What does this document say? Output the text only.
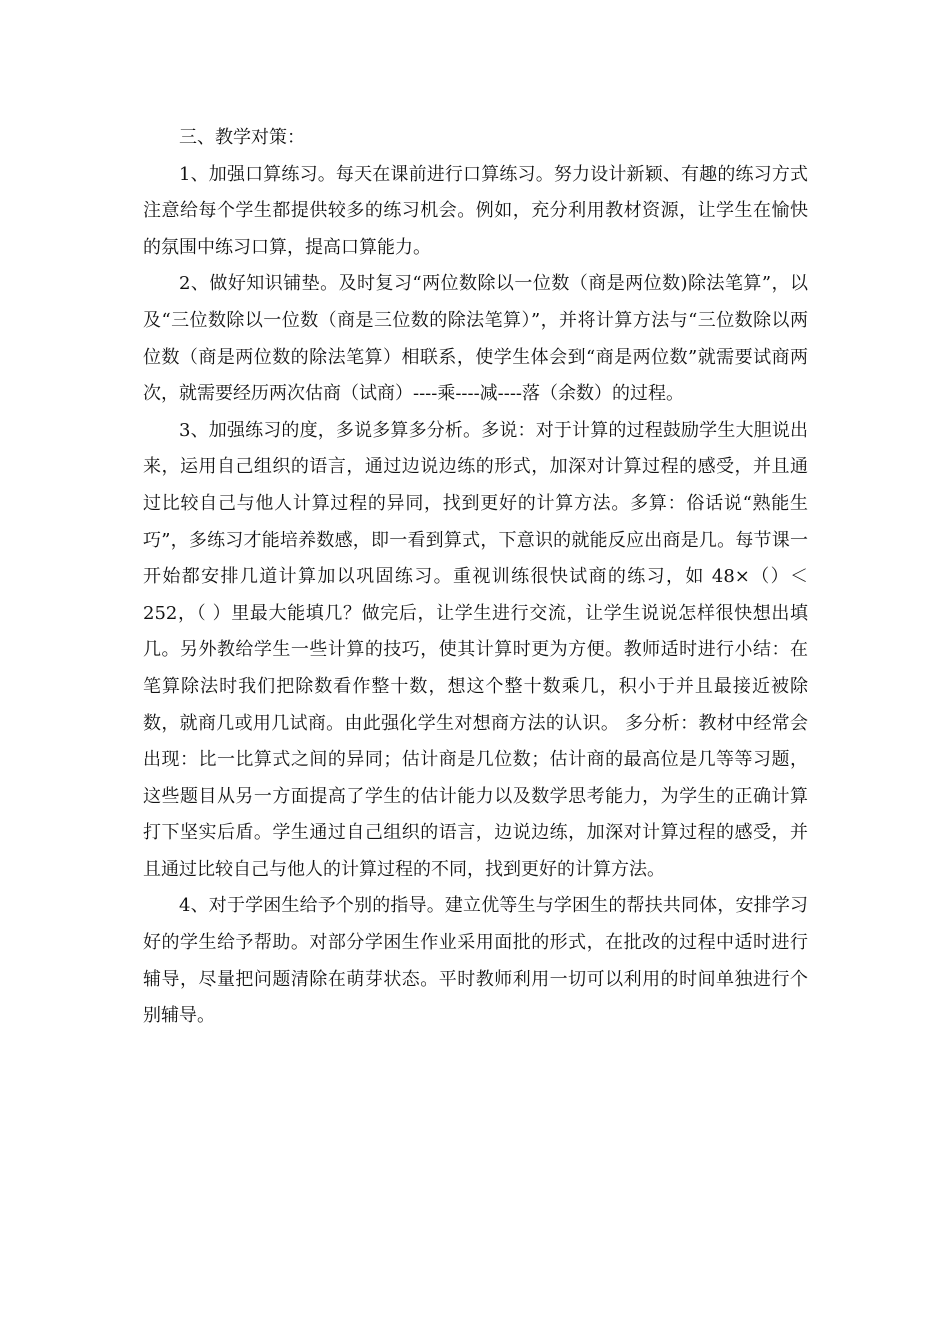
三、教学对策：

1、加强口算练习。每天在课前进行口算练习。努力设计新颖、有趣的练习方式注意给每个学生都提供较多的练习机会。例如，充分利用教材资源，让学生在愉快的氛围中练习口算，提高口算能力。

2、做好知识铺垫。及时复习“两位数除以一位数（商是两位数)除法笔算”，以及“三位数除以一位数（商是三位数的除法笔算）”，并将计算方法与“三位数除以两位数（商是两位数的除法笔算）相联系，使学生体会到“商是两位数”就需要试商两次，就需要经历两次估商（试商）----乘----减----落（余数）的过程。

3、加强练习的度，多说多算多分析。多说：对于计算的过程鼓励学生大胆说出来，运用自己组织的语言，通过边说边练的形式，加深对计算过程的感受，并且通过比较自己与他人计算过程的异同，找到更好的计算方法。多算：俗话说“熟能生巧”，多练习才能培养数感，即一看到算式，下意识的就能反应出商是几。每节课一开始都安排几道计算加以巩固练习。重视训练很快试商的练习，如 48×（）＜252，（ ）里最大能填几？做完后，让学生进行交流，让学生说说怎样很快想出填几。另外教给学生一些计算的技巧，使其计算时更为方便。教师适时进行小结：在笔算除法时我们把除数看作整十数，想这个整十数乘几，积小于并且最接近被除数，就商几或用几试商。由此强化学生对想商方法的认识。 多分析：教材中经常会出现：比一比算式之间的异同；估计商是几位数；估计商的最高位是几等等习题，这些题目从另一方面提高了学生的估计能力以及数学思考能力，为学生的正确计算打下坚实后盾。学生通过自己组织的语言，边说边练，加深对计算过程的感受，并且通过比较自己与他人的计算过程的不同，找到更好的计算方法。

4、对于学困生给予个别的指导。建立优等生与学困生的帮扶共同体，安排学习好的学生给予帮助。对部分学困生作业采用面批的形式，在批改的过程中适时进行辅导，尽量把问题清除在萌芽状态。平时教师利用一切可以利用的时间单独进行个别辅导。
